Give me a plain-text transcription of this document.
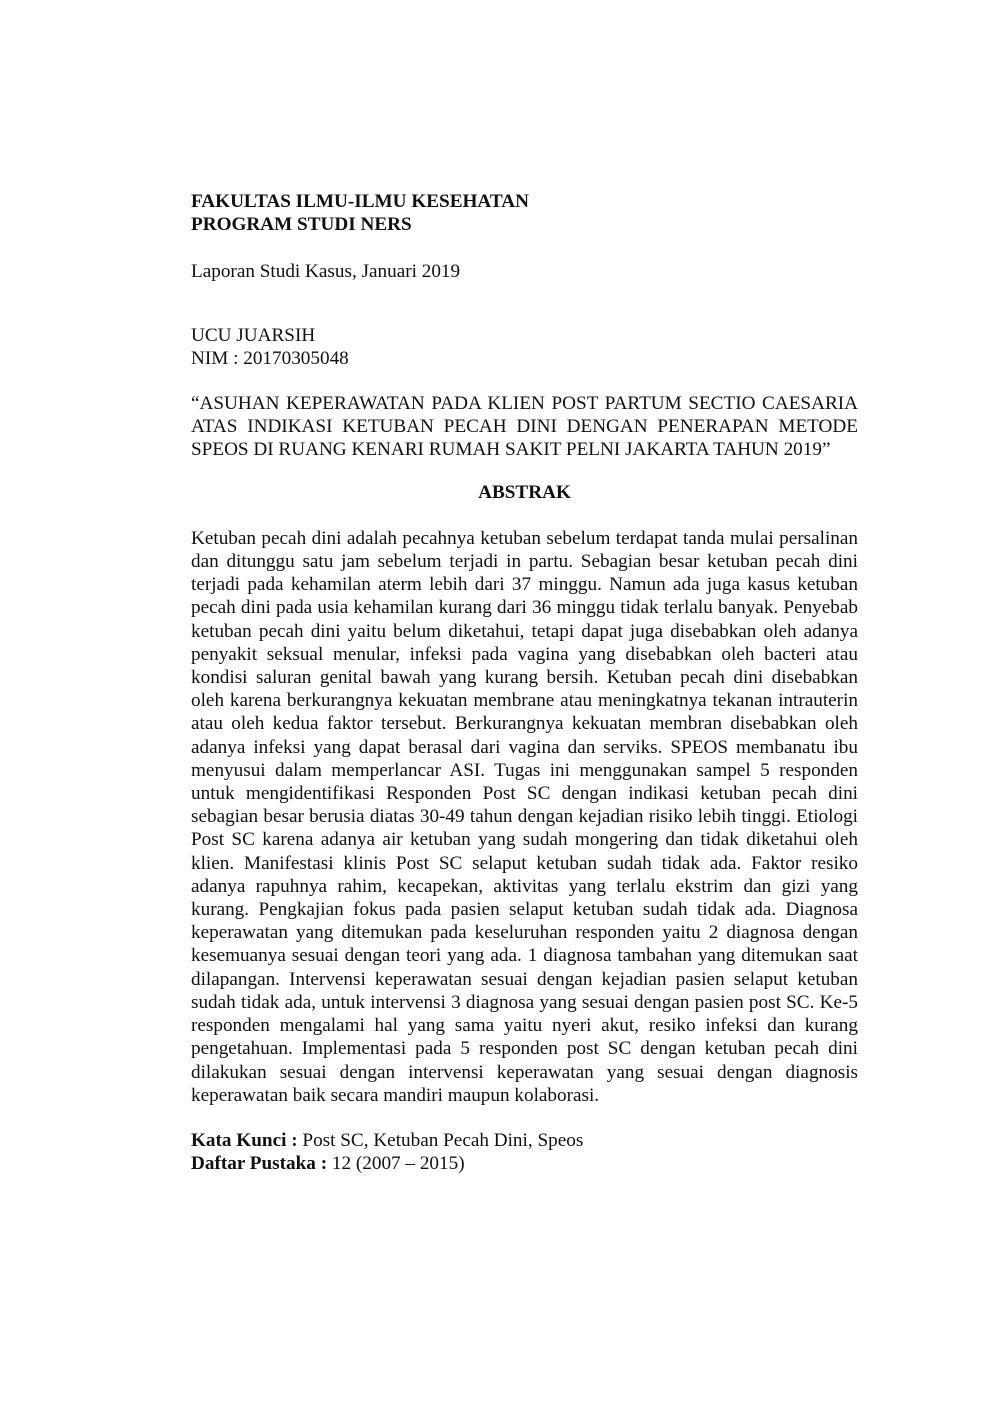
FAKULTAS ILMU-ILMU KESEHATAN
PROGRAM STUDI NERS
Laporan Studi Kasus, Januari 2019
UCU JUARSIH
NIM : 20170305048
“ASUHAN KEPERAWATAN PADA KLIEN POST PARTUM SECTIO CAESARIA ATAS INDIKASI KETUBAN PECAH DINI DENGAN PENERAPAN METODE SPEOS DI RUANG KENARI RUMAH SAKIT PELNI JAKARTA TAHUN 2019”
ABSTRAK
Ketuban pecah dini adalah pecahnya ketuban sebelum terdapat tanda mulai persalinan dan ditunggu satu jam sebelum terjadi in partu. Sebagian besar ketuban pecah dini terjadi pada kehamilan aterm lebih dari 37 minggu. Namun ada juga kasus ketuban pecah dini pada usia kehamilan kurang dari 36 minggu tidak terlalu banyak. Penyebab ketuban pecah dini yaitu belum diketahui, tetapi dapat juga disebabkan oleh adanya penyakit seksual menular, infeksi pada vagina yang disebabkan oleh bacteri atau kondisi saluran genital bawah yang kurang bersih. Ketuban pecah dini disebabkan oleh karena berkurangnya kekuatan membrane atau meningkatnya tekanan intrauterin atau oleh kedua faktor tersebut. Berkurangnya kekuatan membran disebabkan oleh adanya infeksi yang dapat berasal dari vagina dan serviks. SPEOS membanatu ibu menyusui dalam memperlancar ASI. Tugas ini menggunakan sampel 5 responden untuk mengidentifikasi Responden Post SC dengan indikasi ketuban pecah dini sebagian besar berusia diatas 30-49 tahun dengan kejadian risiko lebih tinggi. Etiologi Post SC karena adanya air ketuban yang sudah mongering dan tidak diketahui oleh klien. Manifestasi klinis Post SC selaput ketuban sudah tidak ada. Faktor resiko adanya rapuhnya rahim, kecapekan, aktivitas yang terlalu ekstrim dan gizi yang kurang. Pengkajian fokus pada pasien selaput ketuban sudah tidak ada. Diagnosa keperawatan yang ditemukan pada keseluruhan responden yaitu 2 diagnosa dengan kesemuanya sesuai dengan teori yang ada. 1 diagnosa tambahan yang ditemukan saat dilapangan. Intervensi keperawatan sesuai dengan kejadian pasien selaput ketuban sudah tidak ada, untuk intervensi 3 diagnosa yang sesuai dengan pasien post SC. Ke-5 responden mengalami hal yang sama yaitu nyeri akut, resiko infeksi dan kurang pengetahuan. Implementasi pada 5 responden post SC dengan ketuban pecah dini dilakukan sesuai dengan intervensi keperawatan yang sesuai dengan diagnosis keperawatan baik secara mandiri maupun kolaborasi.
Kata Kunci : Post SC, Ketuban Pecah Dini, Speos
Daftar Pustaka : 12 (2007 – 2015)
